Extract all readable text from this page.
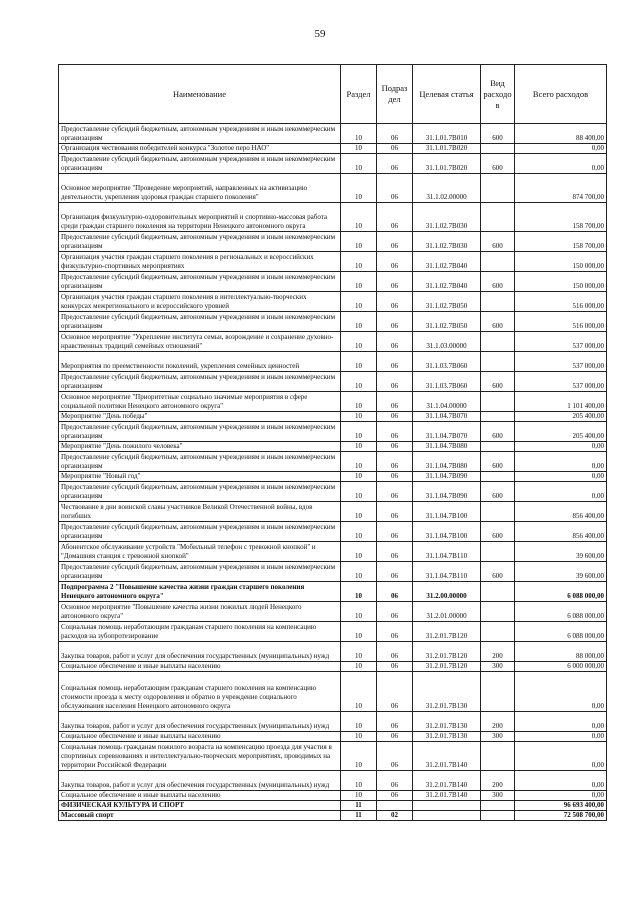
59
Наименование	Раздел	Подраз дел	Целевая статья	Вид расходо в	Всего расходов
Предоставление субсидий бюджетным, автономным учреждениям и иным некоммерческим организациям	10	06	31.1.01.7В010	600	88 400,00
Организация чествования победителей конкурса "Золотое перо НАО"	10	06	31.1.01.7В020		0,00
Предоставление субсидий бюджетным, автономным учреждениям и иным некоммерческим организациям	10	06	31.1.01.7В020	600	0,00
Основное мероприятие "Проведение мероприятий, направленных на активизацию деятельности, укрепления здоровья граждан старшего поколения"	10	06	31.1.02.00000		874 700,00
Организация физкультурно-оздоровительных мероприятий и спортивно-массовая работа среди граждан старшего поколения на территории Ненецкого автономного округа	10	06	31.1.02.7В030		158 700,00
Предоставление субсидий бюджетным, автономным учреждениям и иным некоммерческим организациям	10	06	31.1.02.7В030	600	158 700,00
Организация участия граждан старшего поколения в региональных и всероссийских физкультурно-спортивных мероприятиях	10	06	31.1.02.7В040		150 000,00
Предоставление субсидий бюджетным, автономным учреждениям и иным некоммерческим организациям	10	06	31.1.02.7В040	600	150 000,00
Организация участия граждан старшего поколения в интеллектуально-творческих конкурсах межрегионального и всероссийского уровней	10	06	31.1.02.7В050		516 000,00
Предоставление субсидий бюджетным, автономным учреждениям и иным некоммерческим организациям	10	06	31.1.02.7В050	600	516 000,00
Основное мероприятие "Укрепление института семьи, возрождение и сохранение духовно-нравственных традиций семейных отношений"	10	06	31.1.03.00000		537 000,00
Мероприятия по преемственности поколений, укрепления семейных ценностей	10	06	31.1.03.7В060		537 000,00
Предоставление субсидий бюджетным, автономным учреждениям и иным некоммерческим организациям	10	06	31.1.03.7В060	600	537 000,00
Основное мероприятие "Приоритетные социально значимые мероприятия в сфере социальной политики Ненецкого автономного округа"	10	06	31.1.04.00000		1 101 400,00
Мероприятие "День победы"	10	06	31.1.04.7В070		205 400,00
Предоставление субсидий бюджетным, автономным учреждениям и иным некоммерческим организациям	10	06	31.1.04.7В070	600	205 400,00
Мероприятие "День пожилого человека"	10	06	31.1.04.7В080		0,00
Предоставление субсидий бюджетным, автономным учреждениям и иным некоммерческим организациям	10	06	31.1.04.7В080	600	0,00
Мероприятие "Новый год"	10	06	31.1.04.7В090		0,00
Предоставление субсидий бюджетным, автономным учреждениям и иным некоммерческим организациям	10	06	31.1.04.7В090	600	0,00
Чествование в дни воинской славы участников Великой Отечественной войны, вдов погибших	10	06	31.1.04.7В100		856 400,00
Предоставление субсидий бюджетным, автономным учреждениям и иным некоммерческим организациям	10	06	31.1.04.7В100	600	856 400,00
Абонентское обслуживание устройств "Мобильный телефон с тревожной кнопкой" и "Домашняя станция с тревожной кнопкой"	10	06	31.1.04.7В110		39 600,00
Предоставление субсидий бюджетным, автономным учреждениям и иным некоммерческим организациям	10	06	31.1.04.7В110	600	39 600,00
Подпрограмма 2 "Повышение качества жизни граждан старшего поколения Ненецкого автономного округа"	10	06	31.2.00.00000		6 088 000,00
Основное мероприятие "Повышение качества жизни пожилых людей Ненецкого автономного округа"	10	06	31.2.01.00000		6 088 000,00
Социальная помощь неработающим гражданам старшего поколения на компенсацию расходов на зубопротезирование	10	06	31.2.01.7В120		6 088 000,00
Закупка товаров, работ и услуг для обеспечения государственных (муниципальных) нужд	10	06	31.2.01.7В120	200	88 000,00
Социальное обеспечение и иные выплаты населению	10	06	31.2.01.7В120	300	6 000 000,00
Социальная помощь неработающим гражданам старшего поколения на компенсацию стоимости проезда к месту оздоровления и обратно в учреждение социального обслуживания населения Ненецкого автономного округа	10	06	31.2.01.7В130		0,00
Закупка товаров, работ и услуг для обеспечения государственных (муниципальных) нужд	10	06	31.2.01.7В130	200	0,00
Социальное обеспечение и иные выплаты населению	10	06	31.2.01.7В130	300	0,00
Социальная помощь гражданам пожилого возраста на компенсацию проезда для участия в спортивных соревнованиях и интеллектуально-творческих мероприятиях, проводимых на территории Российской Федерации	10	06	31.2.01.7В140		0,00
Закупка товаров, работ и услуг для обеспечения государственных (муниципальных) нужд	10	06	31.2.01.7В140	200	0,00
Социальное обеспечение и иные выплаты населению	10	06	31.2.01.7В140	300	0,00
ФИЗИЧЕСКАЯ КУЛЬТУРА И СПОРТ	11				96 693 400,00
Массовый спорт	11	02			72 508 700,00
